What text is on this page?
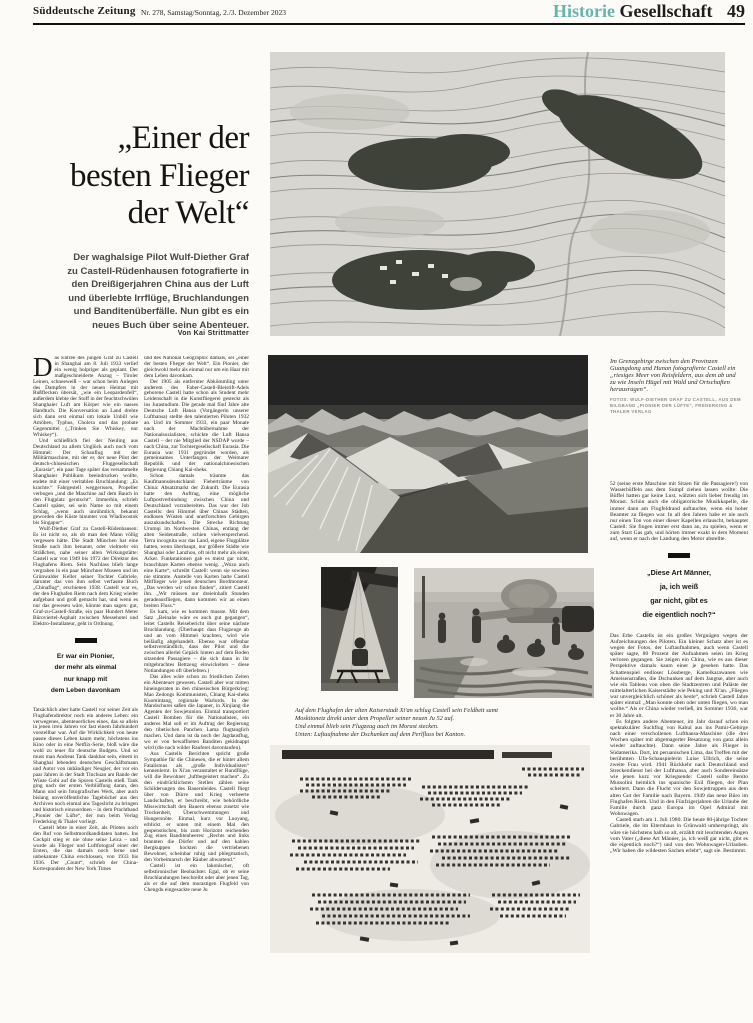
Süddeutsche Zeitung Nr. 278, Samstag/Sonntag, 2./3. Dezember 2023	Historie Gesellschaft 49
„Einer der
besten Flieger
der Welt“
Der waghalsige Pilot Wulf-Diether Graf zu Castell-Rüdenhausen fotografierte in den Dreißigerjahren China aus der Luft und überlebte Irrflüge, Bruchlandungen und Banditenüberfälle. Nun gibt es ein neues Buch über seine Abenteuer.
Von Kai Strittmatter
Im Grenzgebirge zwischen den Provinzen Guangdong und Hunan fotografierte Castell ein „riesiges Meer von Reisfeldern, aus dem ab und zu wie Inseln Hügel mit Wald und Ortschaften herausragen“.
FOTOS: WULF-DIETHER GRAF ZU CASTELL, AUS DEM BILDBAND „PIONIER DER LÜFTE“, FREDERKING & THALER VERLAG
Auf dem Flughafen der alten Kaiserstadt Xi'an schlug Castell sein Feldbett samt
Moskitonetz direkt unter dem Propeller seiner neuen Ju 52 auf.
Und einmal blieb sein Flugzeug auch im Morast stecken.
Unten: Luftaufnahme der Dschunken auf dem Perlfluss bei Kanton.

Das Entrée des jungen Graf zu Castell in Shanghai am 8. Juli 1933 verlief ein wenig holpriger als geplant. Der maßgeschneiderte Anzug – Tiroler Leinen, schneeweiß – war schon beim Anlegen des Dampfers in der neuen Heimat mit Rußflecken übersät, „wie ein Leopardenfell“, außerdem klebte der Stoff in der feuchtschwülen Shanghaier Luft am Körper wie ein nasses Handtuch. Die Konversation an Land drehte sich dann erst einmal um lokale Unbill wie Amöben, Typhus, Cholera und das probate Gegenmittel („Trinken Sie Whiskey, nur Whiskey“).

Und schließlich fiel der Neuling aus Deutschland zu allem Unglück auch noch vom Himmel: Der Schauflug mit der Militärmaschine, mit der er, der neue Pilot der deutsch-chinesischen Fluggesellschaft „Eurasia“, ein paar Tage später das versammelte Shanghaier Publikum beeindrucken wollte, endete mit einer veritablen Bruchlandung: „Es krachte.“ Fahrgestell weggerissen, Propeller verbogen „und die Maschine auf dem Bauch in den Flugplatz gerutscht“. Immerhin, schrieb Castell später, sei sein Name so mit einem Schlag, „wenn auch unrühmlich, bekannt geworden die Küste hinunter von Wladiwostok bis Singapur“.

Wulf-Diether Graf zu Castell-Rüdenhausen: Es ist nicht so, als ob man den Mann völlig vergessen hätte. Die Stadt München hat eine Straße nach ihm benannt, oder vielmehr ein Sträßchen, nahe seiner alten Wirkungstätte: Castell war von 1949 bis 1972 der Direktor des Flughafens Riem. Sein Nachlass blieb lange vergraben in ein paar Münchner Museen und im Grünwalder Keller seiner Tochter Gabriele, darunter das von ihm selbst verfasste Buch „Chinaflug“, erschienen 1938. Castell war es, der den Flughafen Riem nach dem Krieg wieder aufgebaut und groß gemacht hat, und wenn es nur das gewesen wäre, könnte man sagen: gut, Graf-zu-Castell-Straße, ein paar Hundert Meter Büroviertel-Asphalt zwischen Messehotel und Elektro-Installateur, geht in Ordnung.

Er war ein Pionier,
der mehr als einmal
nur knapp mit
dem Leben davonkam

Tatsächlich aber hatte Castell vor seiner Zeit als Flughafendirektor noch ein anderes Leben: ein verwegenes, abenteuerliches eines, das so allein in jenen irren Jahren vor fast einem Jahrhundert vorstellbar war. Auf die Wirklichkeit von heute passte dieses Leben kaum mehr, höchstens ins Kino oder in eine Netflix-Serie, bloß wäre die wohl zu teuer für deutsche Budgets. Und so muss man Andreas Tank dankbar sein, einem in Shanghai lebenden deutschen Geschäftsmann und Autor von unbändiger Neugier, der vor ein paar Jahren in der Stadt Tinchuan am Rande der Wüste Gobi auf die Spuren Castells stieß. Tank ging nach der ersten Verblüffung daran, den Mann und sein fotografisches Werk, aber auch bislang unveröffentlichte Tagebücher aus den Archiven noch einmal ans Tageslicht zu bringen und historisch einzuordnen – in dem Prachtband „Pionier der Lüfte“, der nun beim Verlag Frederking & Thaler vorliegt.

Castell lebte in einer Zeit, als Piloten noch den Ruf von Selbstmordkandidaten hatten. Ins Cockpit stieg er nie ohne seine Leica – und wurde als Flieger und Luftfotograf einer der Ersten, die das damals noch ferne und unbekannte China erschlossen, von 1933 bis 1936. Der „Count“, schrieb der China-Korrespondent der New York Times

und des National Geographic damals, sei „einer der besten Flieger der Welt“. Ein Pionier, der gleichwohl mehr als einmal nur um ein Haar mit dem Leben davonkam.

Der 1905 als entfernter Abkömmling unter anderem des Faber-Castell-Bleistift-Adels geborene Castell hatte schon als Student mehr Leidenschaft in die Kunstfliegerei gesteckt als ins Jurastudium. Die gerade mal fünf Jahre alte Deutsche Luft Hansa (Vorgängerin unserer Lufthansa) stellte den talentierten Piloten 1932 an. Und im Sommer 1933, ein paar Monate nach der Machtübernahme der Nationalsozialisten, schickte die Luft Hansa Castell – der nie Mitglied der NSDAP wurde – nach China, zur Tochtergesellschaft Eurasia. Die Eurasia war 1931 gegründet worden, als gemeinsames Unterfangen der Weimarer Republik und der nationalchinesischen Regierung Chiang Kai-sheks.

Schon damals träumte das Kaufmannsdeutschland Fieberträume von China: Absatzmarkt der Zukunft. Die Eurasia hatte den Auftrag, eine mögliche Luftpostverbindung zwischen China und Deutschland vorzubereiten. Das war der Job Castells: den Himmel über Chinas Städten, endlosen Wüsten und unerforschten Gebirgen auszukundschaften. Die Strecke Richtung Urumqi im Nordwesten Chinas, entlang der alten Seidenstraße, schien vielversprechend. Terra incognita war das Land, eigene Flugplätze hatten, wenn überhaupt, nur größere Städte wie Shanghai oder Lanzhou, oft nicht mehr als einen Acker. Funkstationen gab es meist gar nicht, brauchbare Karten ebenso wenig. „Wozu auch eine Karte“, schreibt Castell: wenn sie sowieso nie stimmte. Anstelle von Karten hatte Castell Mitflieger wie jenen deutschen Bordmonteur. „Das werden wir schon finden“, zitiert Castell ihn. „Wir müssen nur dreieinhalb Stunden geradeausfliegen, dann kommen wir an einen breiten Fluss.“

Es kam, wie es kommen musste. Mit dem Satz „Beinahe wäre es auch gut gegangen“, leitet Castells Reisebericht über seine nächste Bruchlandung. (Überhaupt: dass Flugzeuge ab und an vom Himmel krachten, wird wie beiläufig abgehandelt. Ebenso war offenbar selbstverständlich, dass der Pilot und die zwischen allerlei Gepäck hinten auf dem Boden sitzenden Passagiere – die sich dann in ihr mitgebrachtes Bettzeug einwickelten – diese Notlandungen oft überlebten.)

Das alles wäre schon zu friedlichen Zeiten ein Abenteuer gewesen. Castell aber war mitten hineingeraten in den chinesischen Bürgerkrieg: Mao Zedongs Kommunisten, Chiang Kai-sheks Kuomintang, regionale Warlords. In der Mandschurei saßen die Japaner, in Xinjiang die Agenten der Sowjetunion. Einmal transportiert Castell Bomben für die Nationalisten, ein anderes Mal soll er im Auftrag der Regierung den tibetischen Panchen Lama flugtauglich machen. Und dann ist da noch der Jagdausflug, wo er von bewaffneten Banditen gekidnappt wird (die nach wilder Rauferei davonlaufen).

Aus Castells Berichten spricht große Sympathie für die Chinesen, die er hinter allem Fatalismus als „große Individualisten“ kennenlernt. In Xi'an veranstaltet er Rundflüge, will die Bewohner „luftbegeistert machen“. Zu den eindrücklichsten Stellen zählen seine Schilderungen des Bauernleides. Castell fliegt über von Dürre und Krieg verheerte Landschaften, er beschreibt, wie behördliche Misswirtschaft den Bauern ebenso zusetzt wie Trockenheit, Überschwemmungen und Hungersnöte. Einmal, kurz vor Luoyang, erblickt er unten mit einem Mal den gespenstischen, bis zum Horizont reichenden Zug eines Banditenheeres: „Rechts und links brannten die Dörfer und auf den kahlen Bergkuppen hockten die vertriebenen Bewohner, scheinbar ruhig und phlegmatisch, den Vorbeimarsch der Räuber abwartend.“

Castell ist ein lakonischer, oft selbstironischer Beobachter. Egal, ob er seine Bruchlandungen beschreibt oder aber jenen Tag, als er die auf dem morastigen Flugfeld von Chengdu eingesackte neue Ju

52 (seine erste Maschine mit Sitzen für die Passagiere!) von Wasserbüffeln aus dem Sumpf ziehen lassen wollte: Die Büffel hatten gar keine Lust, wälzten sich lieber freudig im Morast. Schön auch die obligatorische Musikkapelle, die immer dann am Flugfeldrand auftauchte, wenn ein hoher Beamter zu fliegen war. In all den Jahren habe er nie auch nur einen Ton von einer dieser Kapellen erlauscht, behauptet Castell: Sie fingen immer erst dann an, zu spielen, wenn er zum Start Gas gab, und hörten immer exakt in dem Moment auf, wenn er nach der Landung den Motor abstellte.

„Diese Art Männer,
ja, ich weiß
gar nicht, gibt es
die eigentlich noch?“

Das Erbe Castells ist ein großes Vergnügen wegen der Aufzeichnungen des Piloten. Ein kleiner Schatz aber ist es wegen der Fotos, der Luftaufnahmen, auch wenn Castell später sagte, 80 Prozent der Aufnahmen seien im Krieg verloren gegangen. Sie zeigen ein China, wie es aus dieser Perspektive damals kaum einer je gesehen hatte. Das Schattenspiel endloser Lössberge, Kamelkarawanen wie Ameisenstraßen, die Dschunken auf dem Jangtse, aber auch wie ein Tableau von oben die Stadtzentren und Paläste der mittelalterlichen Kaiserstädte wie Peking und Xi'an. „Fliegen war unvergleichlich schöner als heute“, schrieb Castell Jahre später einmal: „Man konnte oben oder unten fliegen, wo man wollte.“ Als er China wieder verließ, im Sommer 1936, war er 30 Jahre alt.

Es folgten andere Abenteuer, im Jahr darauf schon ein spektakulärer Suchflug von Kabul aus ins Pamir-Gebirge nach einer verschollenen Lufthansa-Maschine (die drei Wochen später mit abgemagerter Besatzung von ganz allein wieder auftauchte). Dann seine Jahre als Flieger in Südamerika. Dort, im peruanischen Lima, das Treffen mit der berühmten Ufa-Schauspielerin Luise Ullrich, die seine zweite Frau wird. 1941 Rückkehr nach Deutschland und Streckendienst bei der Lufthansa, aber auch Sondereinsätze wie jenen kurz vor Kriegsende: Castell sollte Benito Mussolini heimlich ins spanische Exil fliegen, der Plan scheitert. Dann die Flucht vor den Sowjettruppen aus dem alten Gut der Familie nach Bayern. 1949 das neue Büro im Flughafen Riem. Und in den Fünfzigerjahren die Urlaube der Familie durch ganz Europa im Opel Admiral mit Wohnwagen.

Castell starb am 1. Juli 1980. Die heute 80-jährige Tochter Gabriele, die im Elternhaus in Grünwald umherspringt, als wäre sie höchstens halb so alt, erzählt mit leuchtenden Augen vom Vater („diese Art Männer, ja, ich weiß gar nicht, gibt es die eigentlich noch?“) und von den Wohnwagen-Urlauben. „Wir haben die wildesten Sachen erlebt“, sagt sie. Bestimmt.
